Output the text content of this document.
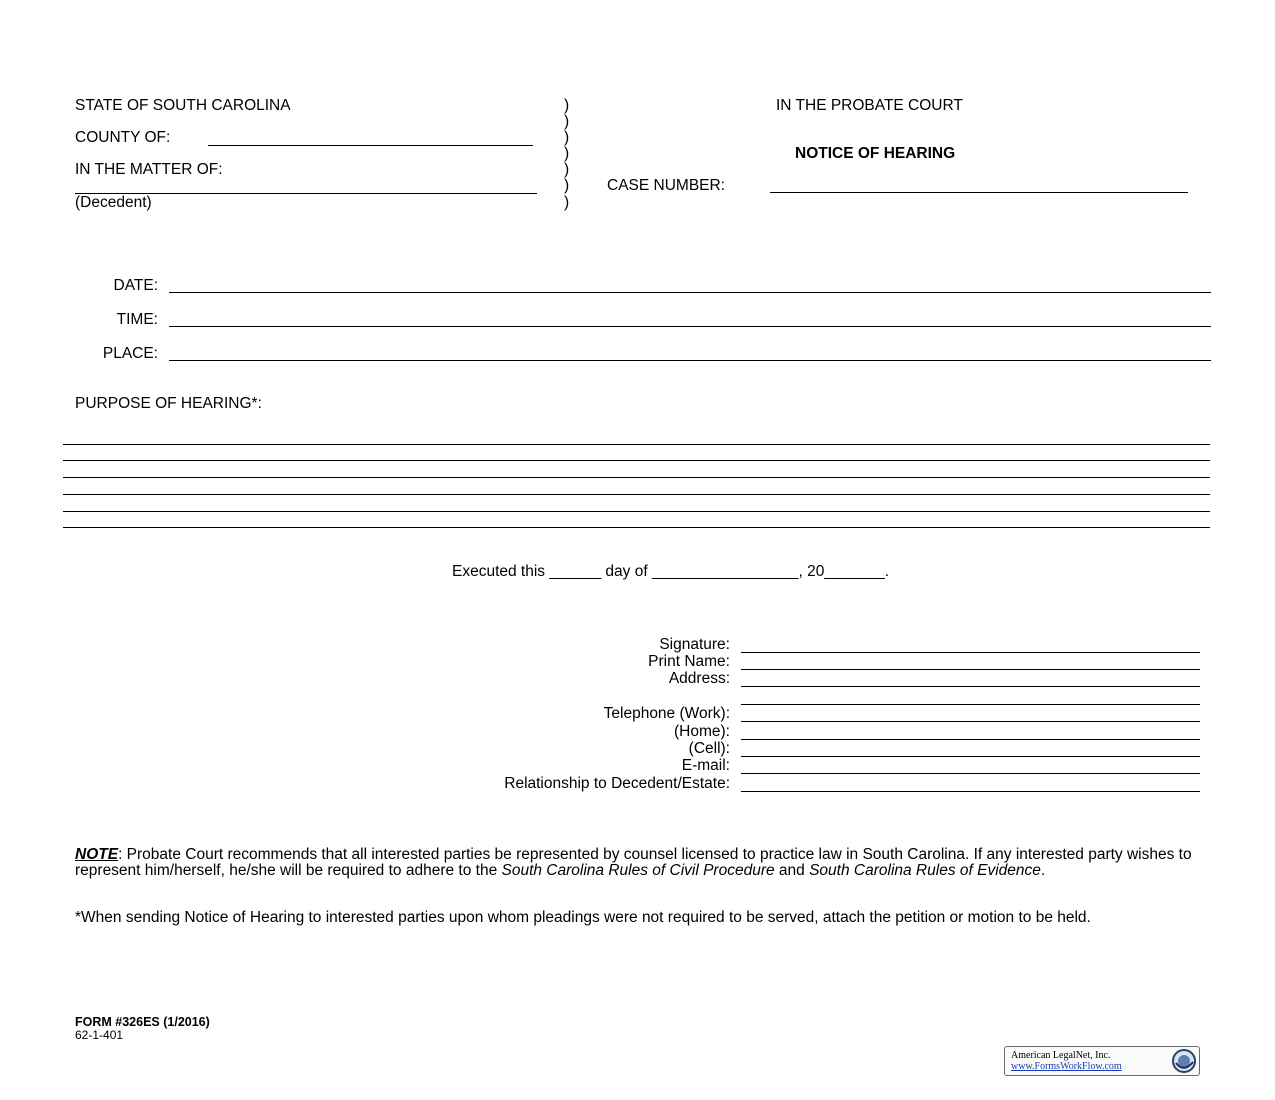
STATE OF SOUTH CAROLINA
COUNTY OF:
IN THE MATTER OF:
(Decedent)
)
)
)
)
)
)
)
IN THE PROBATE COURT
NOTICE OF HEARING
CASE NUMBER:
DATE:
TIME:
PLACE:
PURPOSE OF HEARING*:
Executed this ______ day of _________________, 20_______.
Signature:
Print Name:
Address:
Telephone (Work):
(Home):
(Cell):
E-mail:
Relationship to Decedent/Estate:
NOTE: Probate Court recommends that all interested parties be represented by counsel licensed to practice law in South Carolina. If any interested party wishes to represent him/herself, he/she will be required to adhere to the South Carolina Rules of Civil Procedure and South Carolina Rules of Evidence.
*When sending Notice of Hearing to interested parties upon whom pleadings were not required to be served, attach the petition or motion to be held.
FORM #326ES (1/2016)
62-1-401
American LegalNet, Inc.
www.FormsWorkFlow.com
